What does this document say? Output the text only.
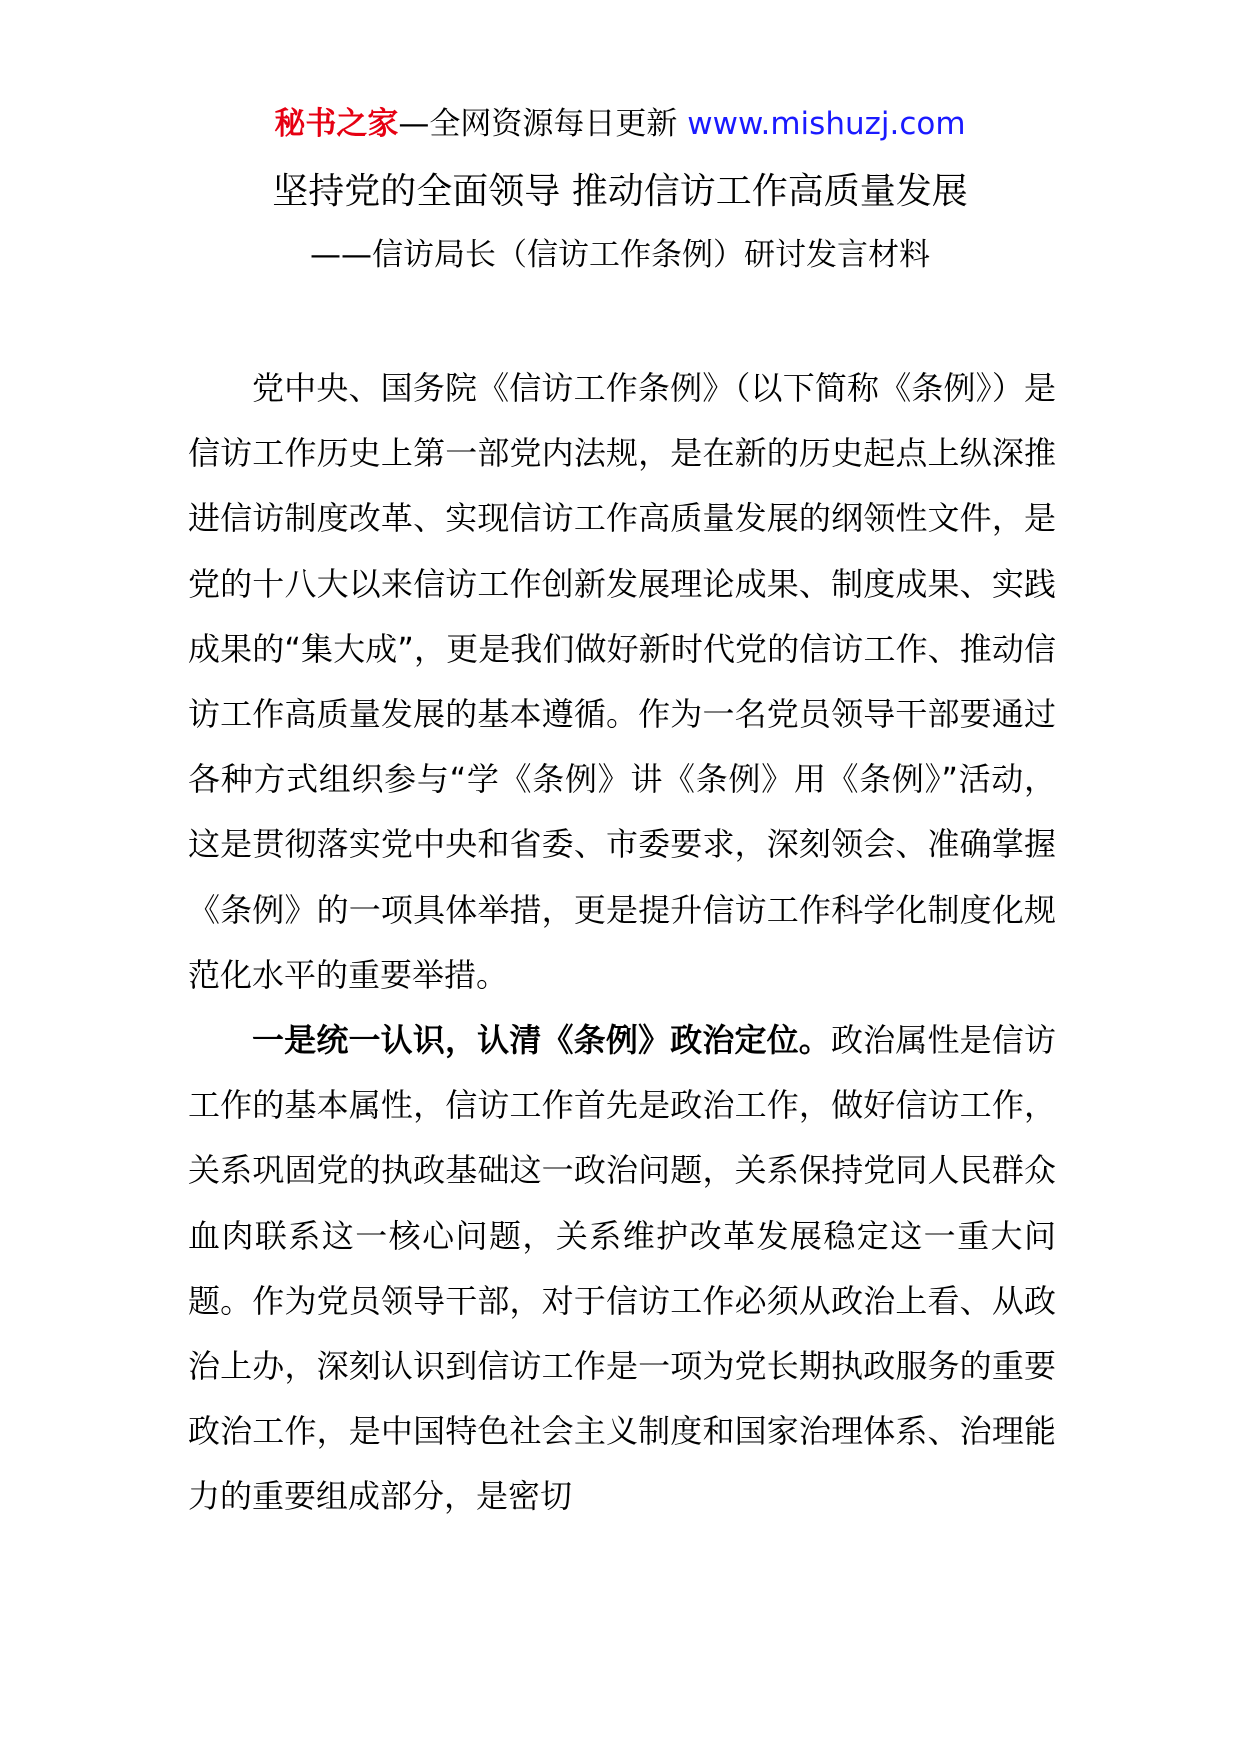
秘书之家—全网资源每日更新 www.mishuzj.com
坚持党的全面领导 推动信访工作高质量发展
——信访局长（信访工作条例）研讨发言材料

党中央、国务院《信访工作条例》（以下简称《条例》）是信访工作历史上第一部党内法规，是在新的历史起点上纵深推进信访制度改革、实现信访工作高质量发展的纲领性文件，是党的十八大以来信访工作创新发展理论成果、制度成果、实践成果的“集大成”，更是我们做好新时代党的信访工作、推动信访工作高质量发展的基本遵循。作为一名党员领导干部要通过各种方式组织参与“学《条例》讲《条例》用《条例》”活动，这是贯彻落实党中央和省委、市委要求，深刻领会、准确掌握《条例》的一项具体举措，更是提升信访工作科学化制度化规范化水平的重要举措。

一是统一认识，认清《条例》政治定位。政治属性是信访工作的基本属性，信访工作首先是政治工作，做好信访工作，关系巩固党的执政基础这一政治问题，关系保持党同人民群众血肉联系这一核心问题，关系维护改革发展稳定这一重大问题。作为党员领导干部，对于信访工作必须从政治上看、从政治上办，深刻认识到信访工作是一项为党长期执政服务的重要政治工作，是中国特色社会主义制度和国家治理体系、治理能力的重要组成部分，是密切
